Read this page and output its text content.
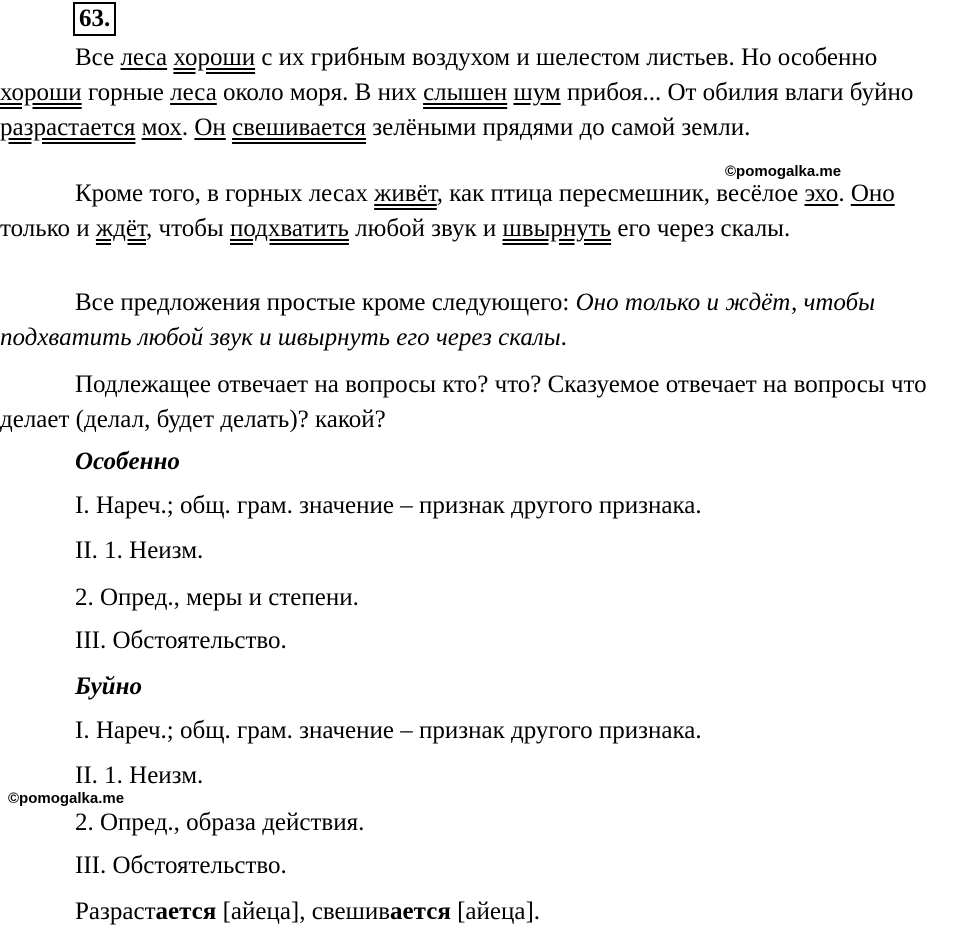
63.
Все леса хороши с их грибным воздухом и шелестом листьев. Но особенно хороши горные леса около моря. В них слышен шум прибоя... От обилия влаги буйно разрастается мох. Он свешивается зелёными прядями до самой земли.
©pomogalka.me
Кроме того, в горных лесах живёт, как птица пересмешник, весёлое эхо. Оно только и ждёт, чтобы подхватить любой звук и швырнуть его через скалы.
Все предложения простые кроме следующего: Оно только и ждёт, чтобы подхватить любой звук и швырнуть его через скалы.
Подлежащее отвечает на вопросы кто? что? Сказуемое отвечает на вопросы что делает (делал, будет делать)? какой?
Особенно
I. Нареч.; общ. грам. значение – признак другого признака.
II. 1. Неизм.
2. Опред., меры и степени.
III. Обстоятельство.
Буйно
I. Нареч.; общ. грам. значение – признак другого признака.
II. 1. Неизм.
©pomogalka.me
2. Опред., образа действия.
III. Обстоятельство.
Разрастается [айеца], свешивается [айеца].
